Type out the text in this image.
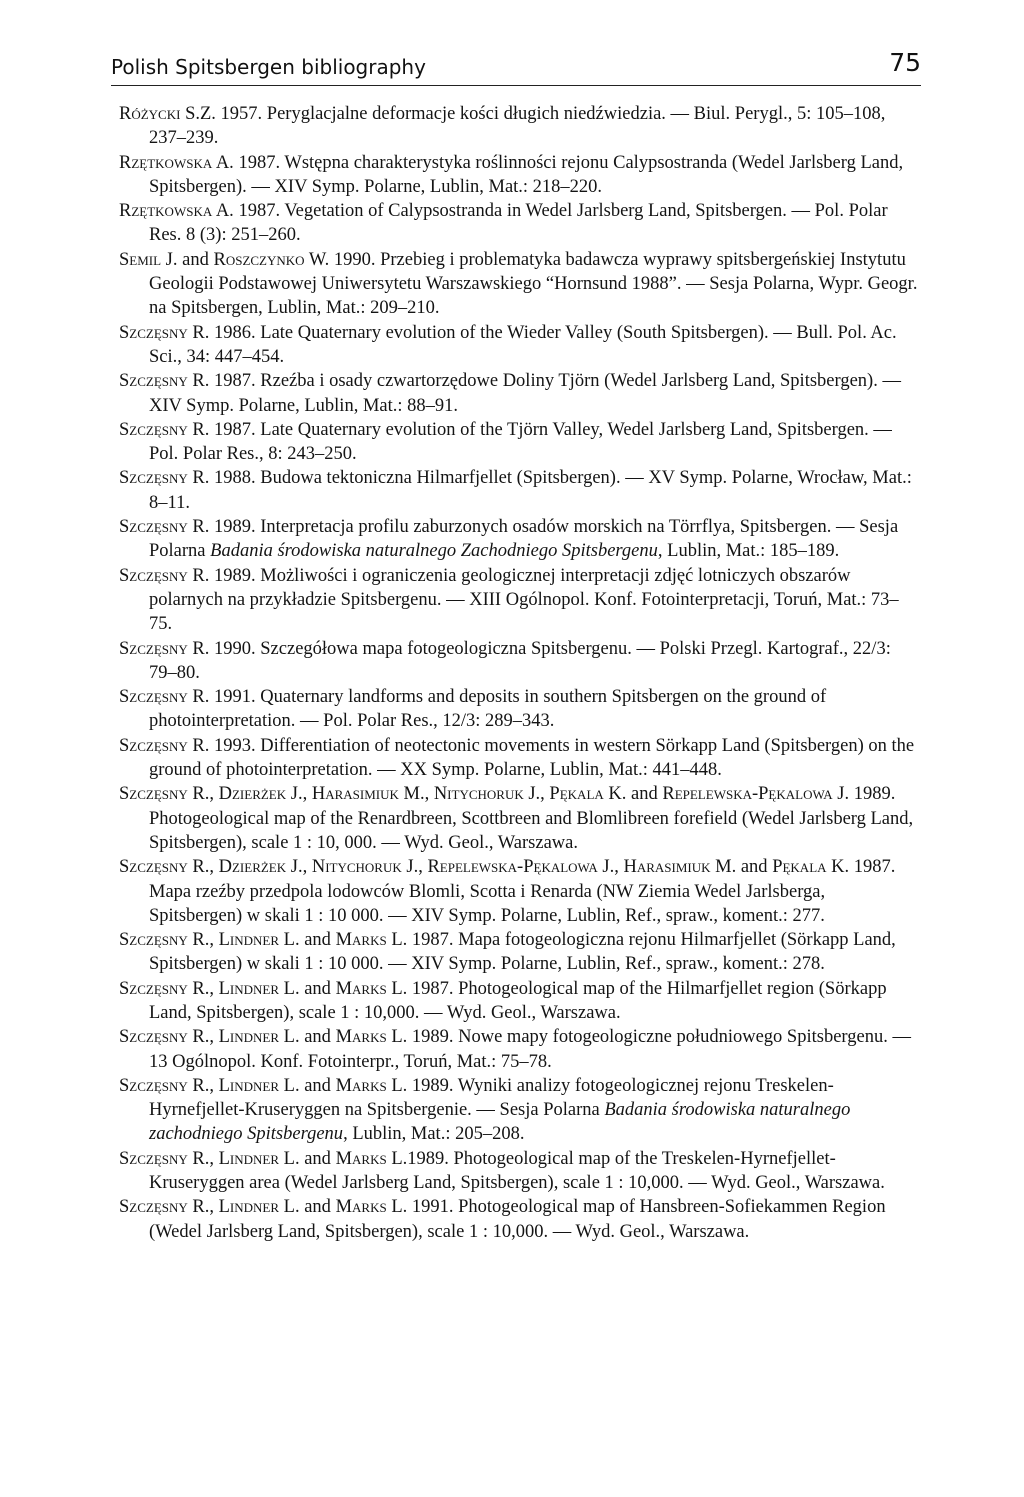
Polish Spitsbergen bibliography	75

Różycki S.Z. 1957. Peryglacjalne deformacje kości długich niedźwiedzia. — Biul. Perygl., 5: 105–108, 237–239.

Rzętkowska A. 1987. Wstępna charakterystyka roślinności rejonu Calypsostranda (Wedel Jarlsberg Land, Spitsbergen). — XIV Symp. Polarne, Lublin, Mat.: 218–220.

Rzętkowska A. 1987. Vegetation of Calypsostranda in Wedel Jarlsberg Land, Spitsbergen. — Pol. Polar Res. 8 (3): 251–260.

Semil J. and Roszczynko W. 1990. Przebieg i problematyka badawcza wyprawy spitsbergeńskiej Instytutu Geologii Podstawowej Uniwersytetu Warszawskiego “Hornsund 1988”. — Sesja Polarna, Wypr. Geogr. na Spitsbergen, Lublin, Mat.: 209–210.

Szczęsny R. 1986. Late Quaternary evolution of the Wieder Valley (South Spitsbergen). — Bull. Pol. Ac. Sci., 34: 447–454.

Szczęsny R. 1987. Rzeźba i osady czwartorzędowe Doliny Tjörn (Wedel Jarlsberg Land, Spitsbergen). — XIV Symp. Polarne, Lublin, Mat.: 88–91.

Szczęsny R. 1987. Late Quaternary evolution of the Tjörn Valley, Wedel Jarlsberg Land, Spitsbergen. — Pol. Polar Res., 8: 243–250.

Szczęsny R. 1988. Budowa tektoniczna Hilmarfjellet (Spitsbergen). — XV Symp. Polarne, Wrocław, Mat.: 8–11.

Szczęsny R. 1989. Interpretacja profilu zaburzonych osadów morskich na Törrflya, Spitsbergen. — Sesja Polarna Badania środowiska naturalnego Zachodniego Spitsbergenu, Lublin, Mat.: 185–189.

Szczęsny R. 1989. Możliwości i ograniczenia geologicznej interpretacji zdjęć lotniczych obszarów polarnych na przykładzie Spitsbergenu. — XIII Ogólnopol. Konf. Fotointerpretacji, Toruń, Mat.: 73–75.

Szczęsny R. 1990. Szczegółowa mapa fotogeologiczna Spitsbergenu. — Polski Przegl. Kartograf., 22/3: 79–80.

Szczęsny R. 1991. Quaternary landforms and deposits in southern Spitsbergen on the ground of photointerpretation. — Pol. Polar Res., 12/3: 289–343.

Szczęsny R. 1993. Differentiation of neotectonic movements in western Sörkapp Land (Spitsbergen) on the ground of photointerpretation. — XX Symp. Polarne, Lublin, Mat.: 441–448.

Szczęsny R., Dzierżek J., Harasimiuk M., Nitychoruk J., Pękala K. and Repelewska-Pękalowa J. 1989. Photogeological map of the Renardbreen, Scottbreen and Blomlibreen forefield (Wedel Jarlsberg Land, Spitsbergen), scale 1 : 10, 000. — Wyd. Geol., Warszawa.

Szczęsny R., Dzierżek J., Nitychoruk J., Repelewska-Pękalowa J., Harasimiuk M. and Pękala K. 1987. Mapa rzeźby przedpola lodowców Blomli, Scotta i Renarda (NW Ziemia Wedel Jarlsberga, Spitsbergen) w skali 1 : 10 000. — XIV Symp. Polarne, Lublin, Ref., spraw., koment.: 277.

Szczęsny R., Lindner L. and Marks L. 1987. Mapa fotogeologiczna rejonu Hilmarfjellet (Sörkapp Land, Spitsbergen) w skali 1 : 10 000. — XIV Symp. Polarne, Lublin, Ref., spraw., koment.: 278.

Szczęsny R., Lindner L. and Marks L. 1987. Photogeological map of the Hilmarfjellet region (Sörkapp Land, Spitsbergen), scale 1 : 10,000. — Wyd. Geol., Warszawa.

Szczęsny R., Lindner L. and Marks L. 1989. Nowe mapy fotogeologiczne południowego Spitsbergenu. — 13 Ogólnopol. Konf. Fotointerpr., Toruń, Mat.: 75–78.

Szczęsny R., Lindner L. and Marks L. 1989. Wyniki analizy fotogeologicznej rejonu Treskelen-Hyrnefjellet-Kruseryggen na Spitsbergenie. — Sesja Polarna Badania środowiska naturalnego zachodniego Spitsbergenu, Lublin, Mat.: 205–208.

Szczęsny R., Lindner L. and Marks L.1989. Photogeological map of the Treskelen-Hyrnefjellet-Kruseryggen area (Wedel Jarlsberg Land, Spitsbergen), scale 1 : 10,000. — Wyd. Geol., Warszawa.

Szczęsny R., Lindner L. and Marks L. 1991. Photogeological map of Hansbreen-Sofiekammen Region (Wedel Jarlsberg Land, Spitsbergen), scale 1 : 10,000. — Wyd. Geol., Warszawa.
